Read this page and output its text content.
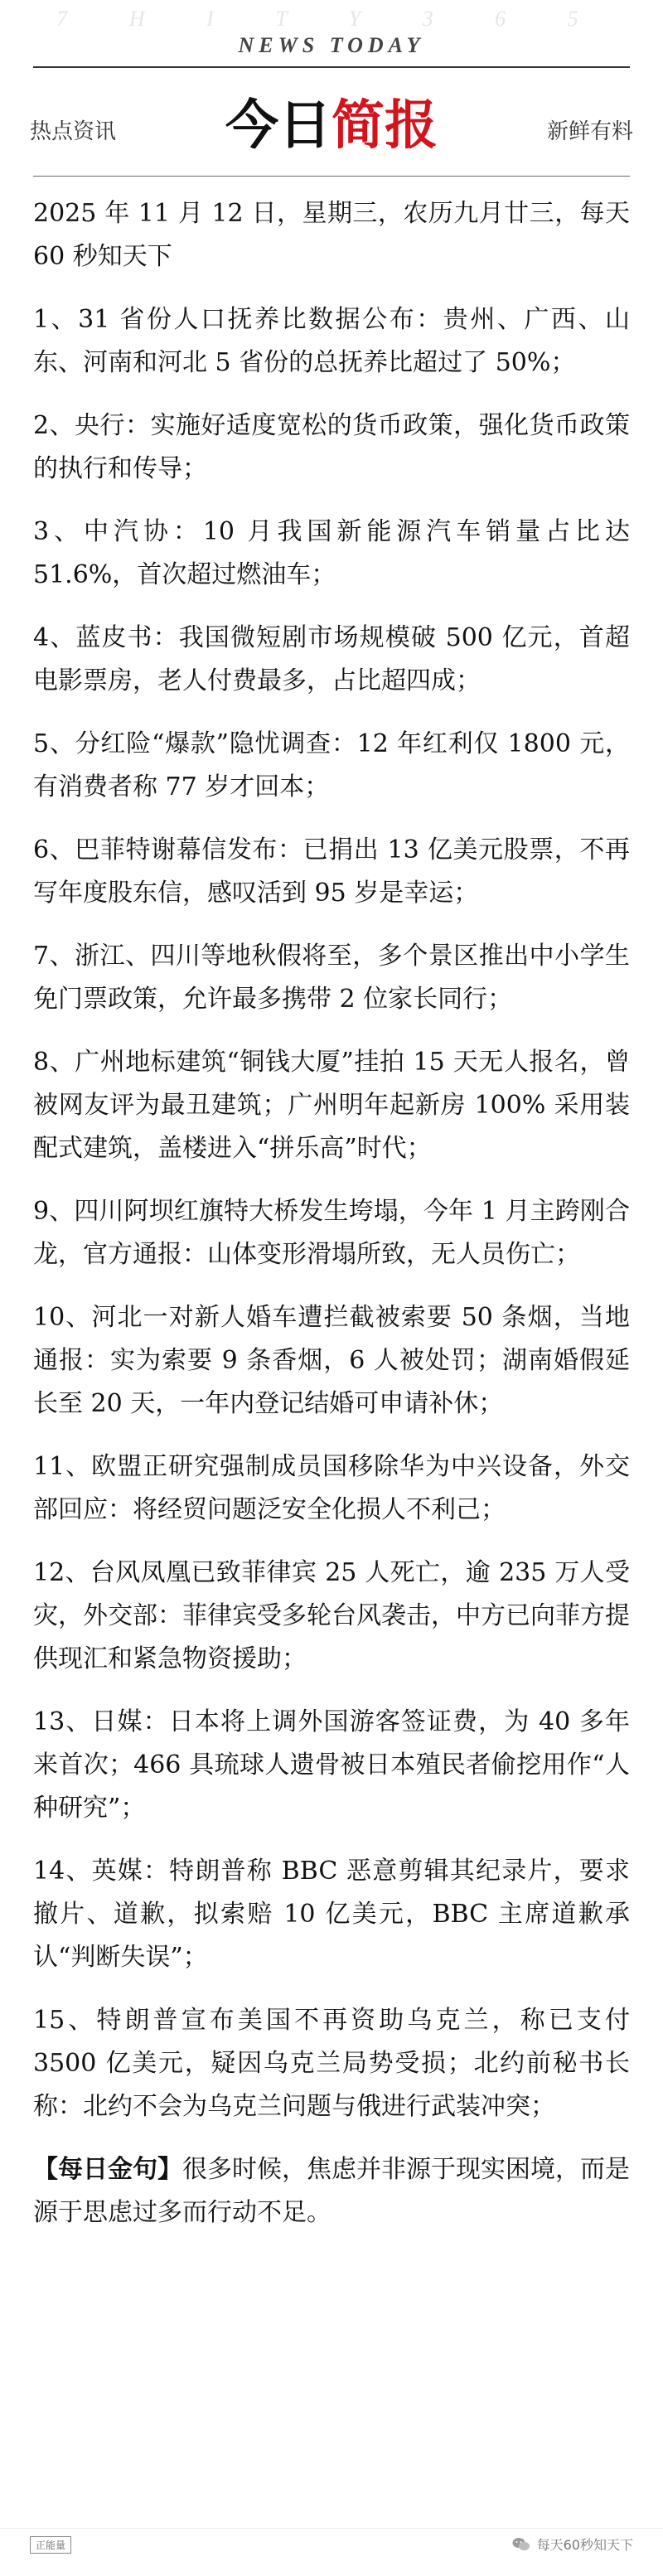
7 H I T Y 3 6 5
NEWS TODAY
热点资讯	今日简报	新鲜有料

2025 年 11 月 12 日，星期三，农历九月廿三，每天 60 秒知天下

1、31 省份人口抚养比数据公布：贵州、广西、山东、河南和河北 5 省份的总抚养比超过了 50%；

2、央行：实施好适度宽松的货币政策，强化货币政策的执行和传导；

3、中汽协：10 月我国新能源汽车销量占比达 51.6%，首次超过燃油车；

4、蓝皮书：我国微短剧市场规模破 500 亿元，首超电影票房，老人付费最多，占比超四成；

5、分红险“爆款”隐忧调查：12 年红利仅 1800 元，有消费者称 77 岁才回本；

6、巴菲特谢幕信发布：已捐出 13 亿美元股票，不再写年度股东信，感叹活到 95 岁是幸运；

7、浙江、四川等地秋假将至，多个景区推出中小学生免门票政策，允许最多携带 2 位家长同行；

8、广州地标建筑“铜钱大厦”挂拍 15 天无人报名，曾被网友评为最丑建筑；广州明年起新房 100% 采用装配式建筑，盖楼进入“拼乐高”时代；

9、四川阿坝红旗特大桥发生垮塌，今年 1 月主跨刚合龙，官方通报：山体变形滑塌所致，无人员伤亡；

10、河北一对新人婚车遭拦截被索要 50 条烟，当地通报：实为索要 9 条香烟，6 人被处罚；湖南婚假延长至 20 天，一年内登记结婚可申请补休；

11、欧盟正研究强制成员国移除华为中兴设备，外交部回应：将经贸问题泛安全化损人不利己；

12、台风凤凰已致菲律宾 25 人死亡，逾 235 万人受灾，外交部：菲律宾受多轮台风袭击，中方已向菲方提供现汇和紧急物资援助；

13、日媒：日本将上调外国游客签证费，为 40 多年来首次；466 具琉球人遗骨被日本殖民者偷挖用作“人种研究”；

14、英媒：特朗普称 BBC 恶意剪辑其纪录片，要求撤片、道歉，拟索赔 10 亿美元，BBC 主席道歉承认“判断失误”；

15、特朗普宣布美国不再资助乌克兰，称已支付 3500 亿美元，疑因乌克兰局势受损；北约前秘书长称：北约不会为乌克兰问题与俄进行武装冲突；

【每日金句】很多时候，焦虑并非源于现实困境，而是源于思虑过多而行动不足。

正能量	每天60秒知天下
